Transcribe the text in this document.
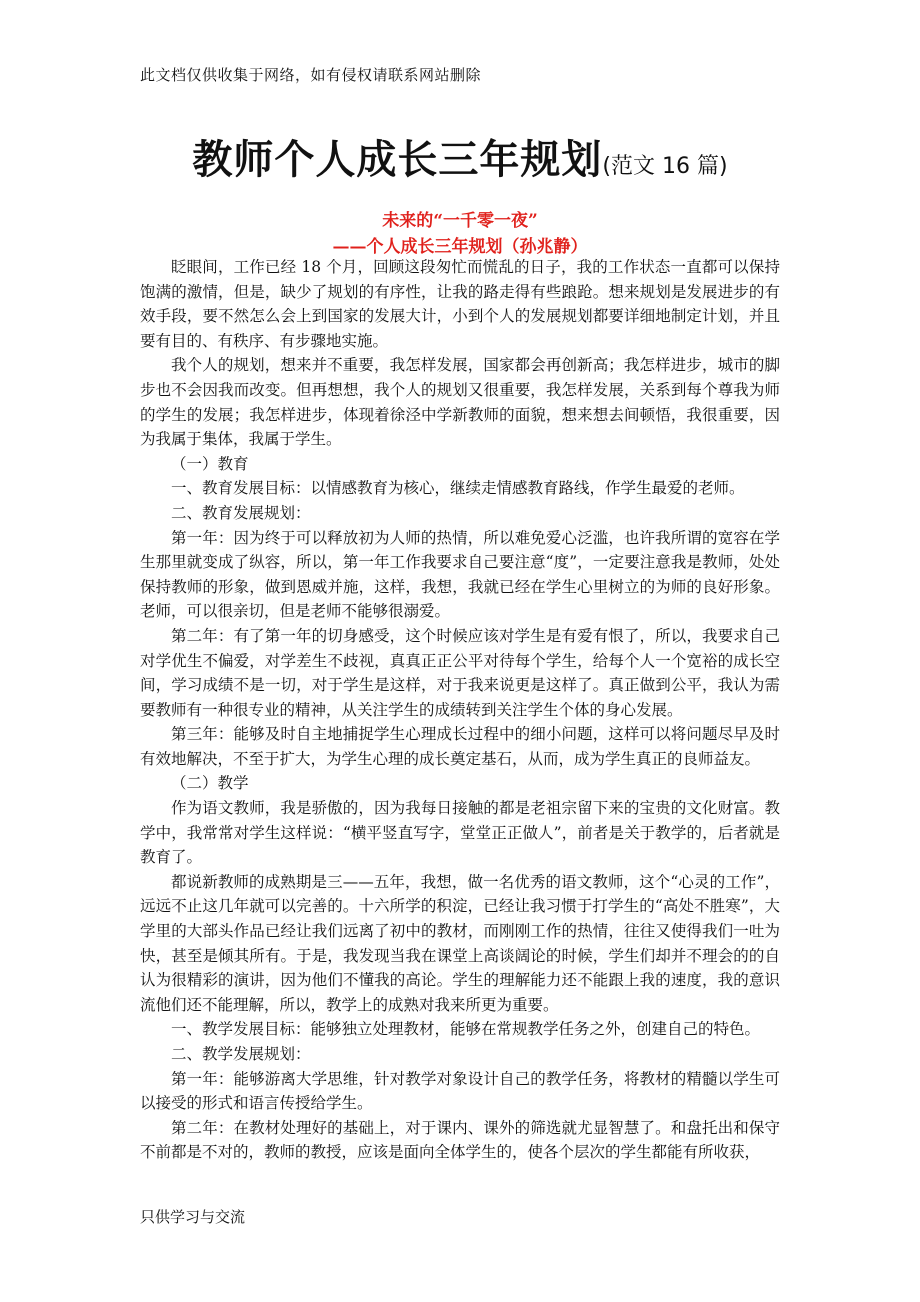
此文档仅供收集于网络，如有侵权请联系网站删除
教师个人成长三年规划(范文 16 篇)
未来的“一千零一夜”
——个人成长三年规划（孙兆静）

眨眼间，工作已经 18 个月，回顾这段匆忙而慌乱的日子，我的工作状态一直都可以保持饱满的激情，但是，缺少了规划的有序性，让我的路走得有些踉跄。想来规划是发展进步的有效手段，要不然怎么会上到国家的发展大计，小到个人的发展规划都要详细地制定计划，并且要有目的、有秩序、有步骤地实施。

我个人的规划，想来并不重要，我怎样发展，国家都会再创新高；我怎样进步，城市的脚步也不会因我而改变。但再想想，我个人的规划又很重要，我怎样发展，关系到每个尊我为师的学生的发展；我怎样进步，体现着徐泾中学新教师的面貌，想来想去间顿悟，我很重要，因为我属于集体，我属于学生。

（一）教育

一、教育发展目标：以情感教育为核心，继续走情感教育路线，作学生最爱的老师。

二、教育发展规划：

第一年：因为终于可以释放初为人师的热情，所以难免爱心泛滥，也许我所谓的宽容在学生那里就变成了纵容，所以，第一年工作我要求自己要注意“度”，一定要注意我是教师，处处保持教师的形象，做到恩威并施，这样，我想，我就已经在学生心里树立的为师的良好形象。老师，可以很亲切，但是老师不能够很溺爱。

第二年：有了第一年的切身感受，这个时候应该对学生是有爱有恨了，所以，我要求自己对学优生不偏爱，对学差生不歧视，真真正正公平对待每个学生，给每个人一个宽裕的成长空间，学习成绩不是一切，对于学生是这样，对于我来说更是这样了。真正做到公平，我认为需要教师有一种很专业的精神，从关注学生的成绩转到关注学生个体的身心发展。

第三年：能够及时自主地捕捉学生心理成长过程中的细小问题，这样可以将问题尽早及时有效地解决，不至于扩大，为学生心理的成长奠定基石，从而，成为学生真正的良师益友。

（二）教学

作为语文教师，我是骄傲的，因为我每日接触的都是老祖宗留下来的宝贵的文化财富。教学中，我常常对学生这样说：“横平竖直写字，堂堂正正做人”，前者是关于教学的，后者就是教育了。

都说新教师的成熟期是三——五年，我想，做一名优秀的语文教师，这个“心灵的工作”，远远不止这几年就可以完善的。十六所学的积淀，已经让我习惯于打学生的“高处不胜寒”，大学里的大部头作品已经让我们远离了初中的教材，而刚刚工作的热情，往往又使得我们一吐为快，甚至是倾其所有。于是，我发现当我在课堂上高谈阔论的时候，学生们却并不理会的的自认为很精彩的演讲，因为他们不懂我的高论。学生的理解能力还不能跟上我的速度，我的意识流他们还不能理解，所以，教学上的成熟对我来所更为重要。

一、教学发展目标：能够独立处理教材，能够在常规教学任务之外，创建自己的特色。

二、教学发展规划：

第一年：能够游离大学思维，针对教学对象设计自己的教学任务，将教材的精髓以学生可以接受的形式和语言传授给学生。

第二年：在教材处理好的基础上，对于课内、课外的筛选就尤显智慧了。和盘托出和保守不前都是不对的，教师的教授，应该是面向全体学生的，使各个层次的学生都能有所收获，

只供学习与交流
